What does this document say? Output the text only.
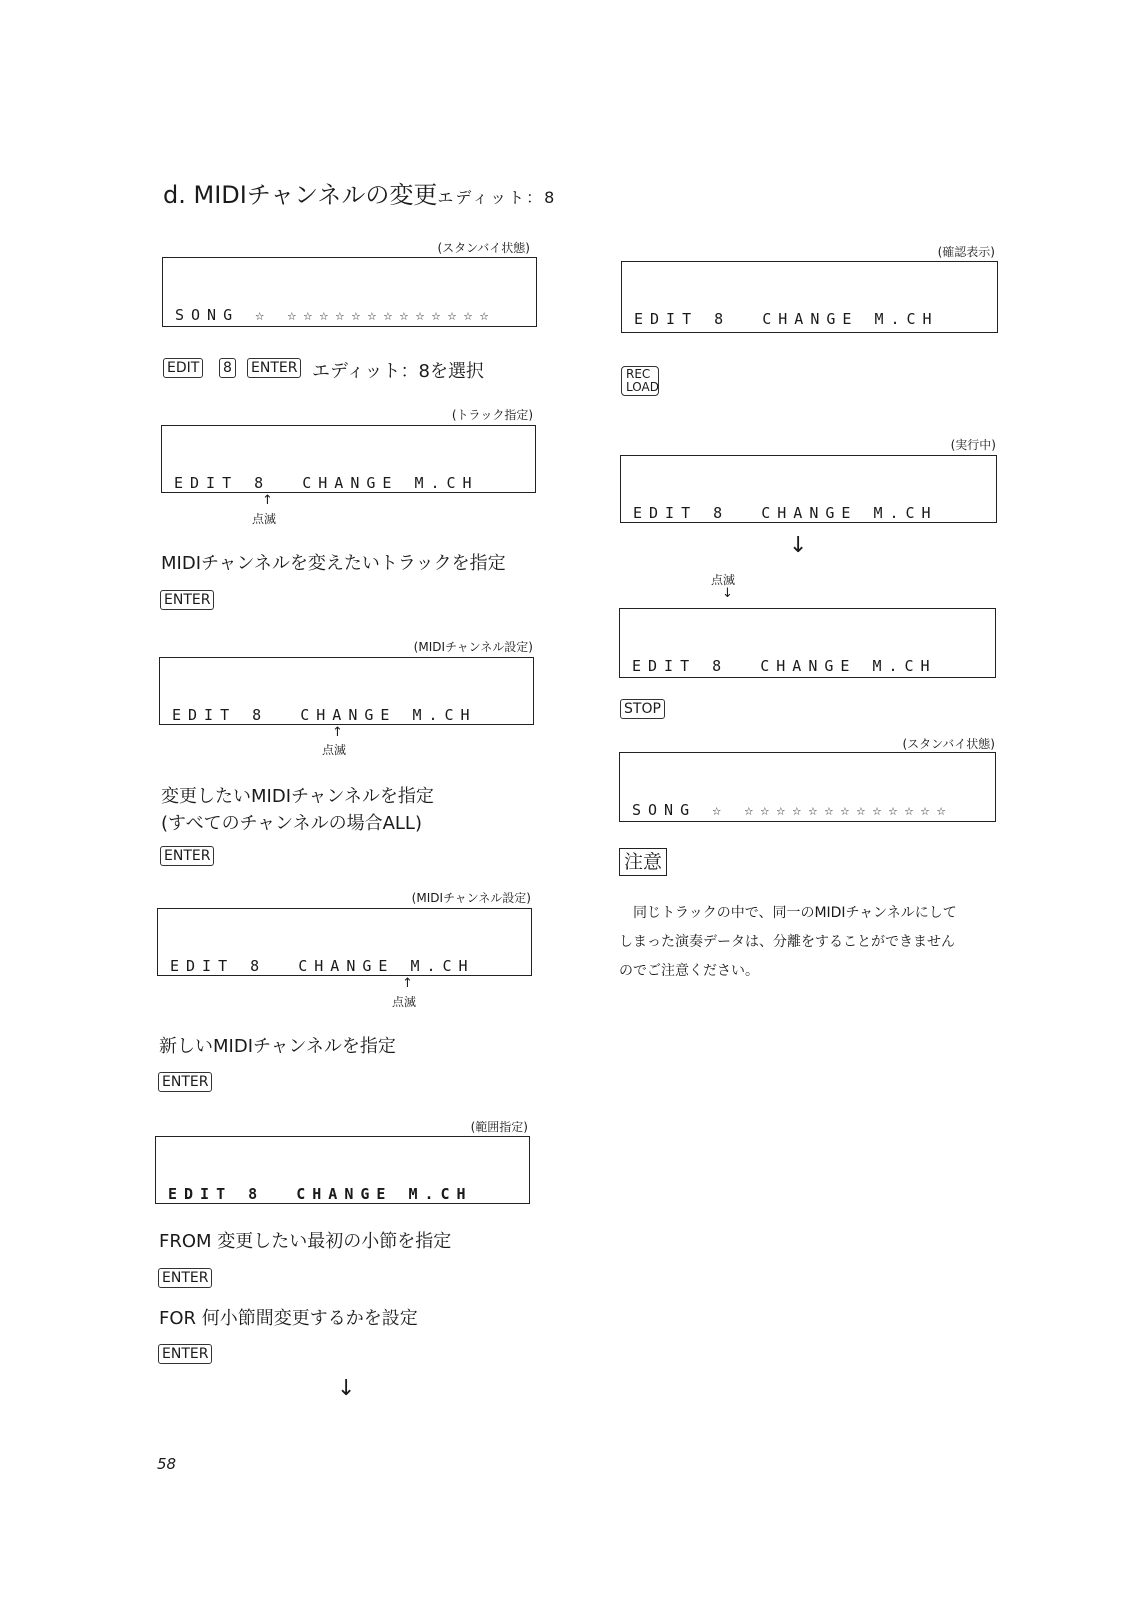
d. MIDIチャンネルの変更エディット：8
(スタンバイ状態)

SONG ☆ ☆☆☆☆☆☆☆☆☆☆☆☆☆

EDIT 8 ENTER エディット：8を選択
(トラック指定)

EDIT 8  CHANGE M.CH

↑
点滅
MIDIチャンネルを変えたいトラックを指定
ENTER
(MIDIチャンネル設定)

EDIT 8  CHANGE M.CH

↑
点滅
変更したいMIDIチャンネルを指定
(すべてのチャンネルの場合ALL)
ENTER
(MIDIチャンネル設定)

EDIT 8  CHANGE M.CH

↑
点滅
新しいMIDIチャンネルを指定
ENTER
(範囲指定)

EDIT 8  CHANGE M.CH

FROM 変更したい最初の小節を指定
ENTER
FOR 何小節間変更するかを設定
ENTER
↓
(確認表示)

EDIT 8  CHANGE M.CH

REC
LOAD
(実行中)

EDIT 8  CHANGE M.CH

↓
点滅
↓

EDIT 8  CHANGE M.CH

STOP
(スタンバイ状態)

SONG ☆ ☆☆☆☆☆☆☆☆☆☆☆☆☆

注意
同じトラックの中で、同一のMIDIチャンネルにして
しまった演奏データは、分離をすることができません
のでご注意ください。
58
